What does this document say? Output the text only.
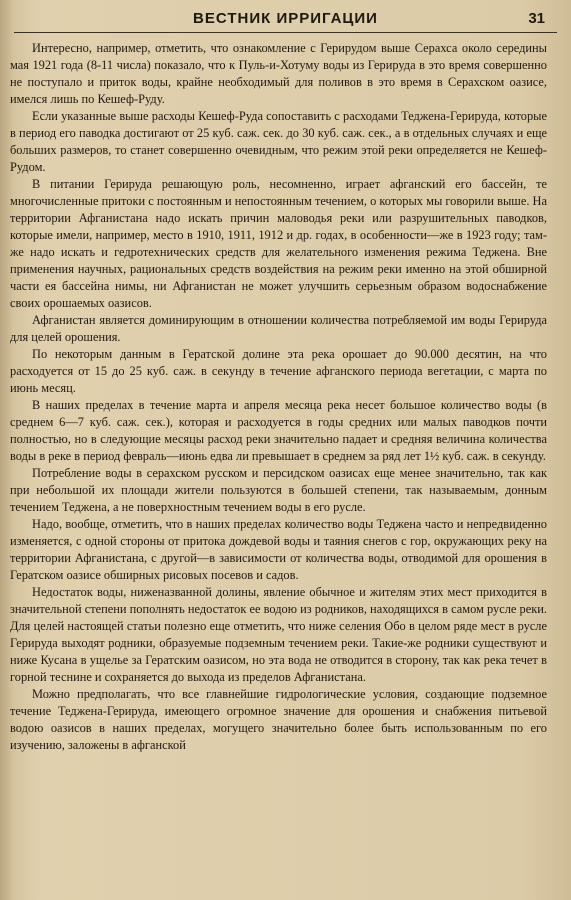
ВЕСТНИК ИРРИГАЦИИ	31

Интересно, например, отметить, что ознакомление с Герирудом выше Серахса около середины мая 1921 года (8-11 числа) показало, что к Пуль-и-Хотуму воды из Герируда в это время совершенно не поступало и приток воды, крайне необходимый для поливов в это время в Серахском оазисе, имелся лишь по Кешеф-Руду.

Если указанные выше расходы Кешеф-Руда сопоставить с расходами Теджена-Герируда, которые в период его паводка достигают от 25 куб. саж. сек. до 30 куб. саж. сек., а в отдельных случаях и еще больших размеров, то станет совершенно очевидным, что режим этой реки определяется не Кешеф-Рудом.

В питании Герируда решающую роль, несомненно, играет афганский его бассейн, те многочисленные притоки с постоянным и непостоянным течением, о которых мы говорили выше. На территории Афганистана надо искать причин маловодья реки или разрушительных паводков, которые имели, например, место в 1910, 1911, 1912 и др. годах, в особенности—же в 1923 году; там-же надо искать и гедротехнических средств для желательного изменения режима Теджена. Вне применения научных, рациональных средств воздействия на режим реки именно на этой обширной части ея бассейна нимы, ни Афганистан не может улучшить серьезным образом водоснабжение своих орошаемых оазисов.

Афганистан является доминирующим в отношении количества потребляемой им воды Герируда для целей орошения.

По некоторым данным в Гератской долине эта река орошает до 90.000 десятин, на что расходуется от 15 до 25 куб. саж. в секунду в течение афганского периода вегетации, с марта по июнь месяц.

В наших пределах в течение марта и апреля месяца река несет большое количество воды (в среднем 6—7 куб. саж. сек.), которая и расходуется в годы средних или малых паводков почти полностью, но в следующие месяцы расход реки значительно падает и средняя величина количества воды в реке в период февраль—июнь едва ли превышает в среднем за ряд лет 1½ куб. саж. в секунду.

Потребление воды в серахском русском и персидском оазисах еще менее значительно, так как при небольшой их площади жители пользуются в большей степени, так называемым, донным течением Теджена, а не поверхностным течением воды в его русле.

Надо, вообще, отметить, что в наших пределах количество воды Теджена часто и непредвиденно изменяется, с одной стороны от притока дождевой воды и таяния снегов с гор, окружающих реку на территории Афганистана, с другой—в зависимости от количества воды, отводимой для орошения в Гератском оазисе обширных рисовых посевов и садов.

Недостаток воды, ниженазванной долины, явление обычное и жителям этих мест приходится в значительной степени пополнять недостаток ее водою из родников, находящихся в самом русле реки. Для целей настоящей статьи полезно еще отметить, что ниже селения Обо в целом ряде мест в русле Герируда выходят родники, образуемые подземным течением реки. Такие-же родники существуют и ниже Кусана в ущелье за Гератским оазисом, но эта вода не отводится в сторону, так как река течет в горной теснине и сохраняется до выхода из пределов Афганистана.

Можно предполагать, что все главнейшие гидрологические условия, создающие подземное течение Теджена-Герируда, имеющего огромное значение для орошения и снабжения питьевой водою оазисов в наших пределах, могущего значительно более быть использованным по его изучению, заложены в афганской
